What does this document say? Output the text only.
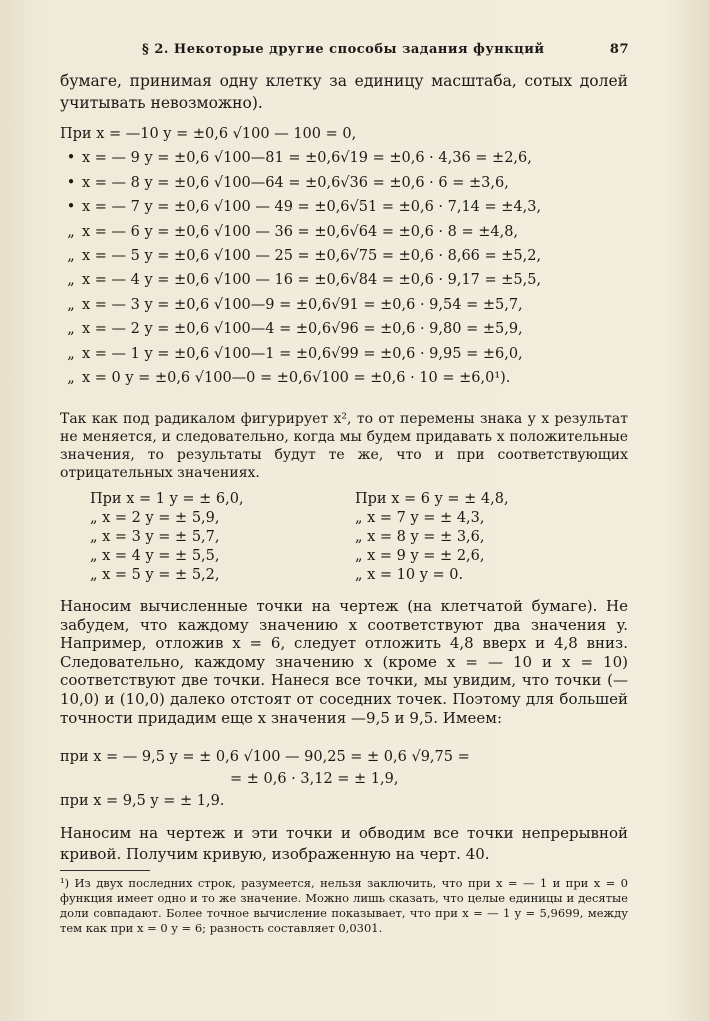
§ 2. Некоторые другие способы задания функций	87

бумаге, принимая одну клетку за единицу масштаба, сотых долей учитывать невозможно).

При x = —10 y = ±0,6 √100 — 100 = 0,
• x = — 9 y = ±0,6 √100—81 = ±0,6√19 = ±0,6 · 4,36 = ±2,6,
• x = — 8 y = ±0,6 √100—64 = ±0,6√36 = ±0,6 · 6 = ±3,6,
• x = — 7 y = ±0,6 √100 — 49 = ±0,6√51 = ±0,6 · 7,14 = ±4,3,
„ x = — 6 y = ±0,6 √100 — 36 = ±0,6√64 = ±0,6 · 8 = ±4,8,
„ x = — 5 y = ±0,6 √100 — 25 = ±0,6√75 = ±0,6 · 8,66 = ±5,2,
„ x = — 4 y = ±0,6 √100 — 16 = ±0,6√84 = ±0,6 · 9,17 = ±5,5,
„ x = — 3 y = ±0,6 √100—9 = ±0,6√91 = ±0,6 · 9,54 = ±5,7,
„ x = — 2 y = ±0,6 √100—4 = ±0,6√96 = ±0,6 · 9,80 = ±5,9,
„ x = — 1 y = ±0,6 √100—1 = ±0,6√99 = ±0,6 · 9,95 = ±6,0,
„ x = 0 y = ±0,6 √100—0 = ±0,6√100 = ±0,6 · 10 = ±6,0¹).

Так как под радикалом фигурирует x², то от перемены знака у x результат не меняется, и следовательно, когда мы будем придавать x положительные значения, то результаты будут те же, что и при соответствующих отрицательных значениях.

При x = 1 y = ± 6,0,
„ x = 2 y = ± 5,9,
„ x = 3 y = ± 5,7,
„ x = 4 y = ± 5,5,
„ x = 5 y = ± 5,2,
При x = 6 y = ± 4,8,
„ x = 7 y = ± 4,3,
„ x = 8 y = ± 3,6,
„ x = 9 y = ± 2,6,
„ x = 10 y = 0.

Наносим вычисленные точки на чертеж (на клетчатой бумаге). Не забудем, что каждому значению x соответствуют два значения y. Например, отложив x = 6, следует отложить 4,8 вверх и 4,8 вниз. Следовательно, каждому значению x (кроме x = — 10 и x = 10) соответствуют две точки. Нанеся все точки, мы увидим, что точки (— 10,0) и (10,0) далеко отстоят от соседних точек. Поэтому для большей точности придадим еще x значения —9,5 и 9,5. Имеем:

при x = — 9,5 y = ± 0,6 √100 — 90,25 = ± 0,6 √9,75 =
= ± 0,6 · 3,12 = ± 1,9,
при x = 9,5 y = ± 1,9.

Наносим на чертеж и эти точки и обводим все точки непрерывной кривой. Получим кривую, изображенную на черт. 40.

¹) Из двух последних строк, разумеется, нельзя заключить, что при x = — 1 и при x = 0 функция имеет одно и то же значение. Можно лишь сказать, что целые единицы и десятые доли совпадают. Более точное вычисление показывает, что при x = — 1 y = 5,9699, между тем как при x = 0 y = 6; разность составляет 0,0301.
